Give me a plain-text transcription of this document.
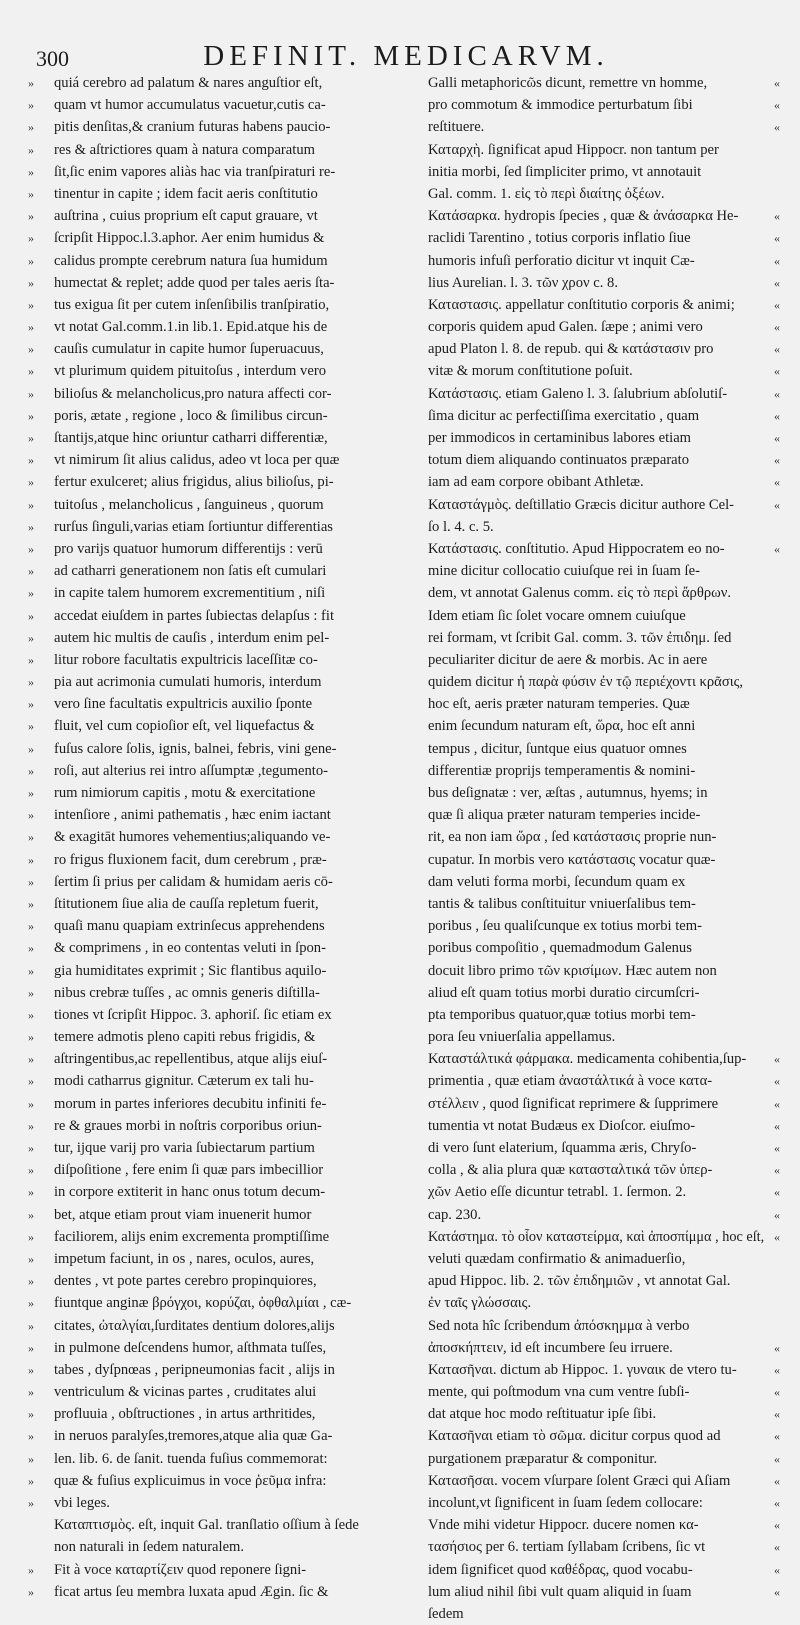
300	DEFINIT. MEDICARVM.
» quiá cerebro ad palatum & nares anguſtior eſt,
» quam vt humor accumulatus vacuetur,cutis ca-
» pitis denſitas,& cranium futuras habens paucio-
» res & aſtrictiores quam à natura comparatum
» ſit,ſic enim vapores aliàs hac via tranſpiraturi re-
» tinentur in capite ; idem facit aeris conſtitutio
» auſtrina , cuius proprium eſt caput grauare, vt
» ſcripſit Hippoc.l.3.aphor. Aer enim humidus &
» calidus prompte cerebrum natura ſua humidum
» humectat & replet; adde quod per tales aeris ſta-
» tus exigua ſit per cutem inſenſibilis tranſpiratio,
» vt notat Gal.comm.1.in lib.1. Epid.atque his de
» cauſis cumulatur in capite humor ſuperuacuus,
» vt plurimum quidem pituitoſus , interdum vero
» bilioſus & melancholicus,pro natura affecti cor-
» poris, ætate , regione , loco & ſimilibus circun-
» ſtantijs,atque hinc oriuntur catharri differentiæ,
» vt nimirum ſit alius calidus, adeo vt loca per quæ
» fertur exulceret; alius frigidus, alius bilioſus, pi-
» tuitoſus , melancholicus , ſanguineus , quorum
» rurſus ſinguli,varias etiam ſortiuntur differentias
» pro varijs quatuor humorum differentijs : verū
» ad catharri generationem non ſatis eſt cumulari
» in capite talem humorem excrementitium , niſi
» accedat eiuſdem in partes ſubiectas delapſus : fit
» autem hic multis de cauſis , interdum enim pel-
» litur robore facultatis expultricis laceſſitæ co-
» pia aut acrimonia cumulati humoris, interdum
» vero ſine facultatis expultricis auxilio ſponte
» fluit, vel cum copioſior eſt, vel liquefactus &
» fuſus calore ſolis, ignis, balnei, febris, vini gene-
» roſi, aut alterius rei intro aſſumptæ ,tegumento-
» rum nimiorum capitis , motu & exercitatione
» intenſiore , animi pathematis , hæc enim iactant
» & exagitāt humores vehementius;aliquando ve-
» ro frigus fluxionem facit, dum cerebrum , præ-
» ſertim ſi prius per calidam & humidam aeris cō-
» ſtitutionem ſiue alia de cauſſa repletum fuerit,
» quaſi manu quapiam extrinſecus apprehendens
» & comprimens , in eo contentas veluti in ſpon-
» gia humiditates exprimit ; Sic flantibus aquilo-
» nibus crebræ tuſſes , ac omnis generis diſtilla-
» tiones vt ſcripſit Hippoc. 3. aphoriſ. ſic etiam ex
» temere admotis pleno capiti rebus frigidis, &
» aſtringentibus,ac repellentibus, atque alijs eiuſ-
» modi catharrus gignitur. Cæterum ex tali hu-
» morum in partes inferiores decubitu infiniti fe-
» re & graues morbi in noſtris corporibus oriun-
» tur, ijque varij pro varia ſubiectarum partium
» diſpoſitione , fere enim ſi quæ pars imbecillior
» in corpore extiterit in hanc onus totum decum-
» bet, atque etiam prout viam inuenerit humor
» faciliorem, alijs enim excrementa promptiſſime
» impetum faciunt, in os , nares, oculos, aures,
» dentes , vt pote partes cerebro propinquiores,
» fiuntque anginæ βρόγχοι, κορύζαι, ὀφθαλμίαι , cæ-
» citates, ὠταλγίαι,ſurditates dentium dolores,alijs
» in pulmone deſcendens humor, aſthmata tuſſes,
» tabes , dyſpnœas , peripneumonias facit , alijs in
» ventriculum & vicinas partes , cruditates alui
» profluuia , obſtructiones , in artus arthritides,
» in neruos paralyſes,tremores,atque alia quæ Ga-
» len. lib. 6. de ſanit. tuenda fuſius commemorat:
» quæ & fuſius explicuimus in voce ῥεῦμα infra:
» vbi leges.
Καταπτισμὸς. eſt, inquit Gal. tranſlatio oſſium à ſede
non naturali in ſedem naturalem.
» Fit à voce καταρτίζειν quod reponere ſigni-
» ficat artus ſeu membra luxata apud Ægin. ſic &
«
Galli metaphoricῶs dicunt, remettre vn homme,
«
pro commotum & immodice perturbatum ſibi
«
reſtituere.
Καταρχὴ. ſignificat apud Hippocr. non tantum per
initia morbi, ſed ſimpliciter primo, vt annotauit
Gal. comm. 1. εἰς τὸ περὶ διαίτης ὀξέων.
«
Κατάσαρκα. hydropis ſpecies , quæ & ἀνάσαρκα He-
«
raclidi Tarentino , totius corporis inflatio ſiue
«
humoris infuſi perforatio dicitur vt inquit Cæ-
«
lius Aurelian. l. 3. τῶν χρον c. 8.
«
Καταστασις. appellatur conſtitutio corporis & animi;
«
corporis quidem apud Galen. ſæpe ; animi vero
«
apud Platon l. 8. de repub. qui & κατάστασιν pro
«
vitæ & morum conſtitutione poſuit.
«
Κατάστασις. etiam Galeno l. 3. ſalubrium abſolutiſ-
«
ſima dicitur ac perfectiſſima exercitatio , quam
«
per immodicos in certaminibus labores etiam
«
totum diem aliquando continuatos præparato
«
iam ad eam corpore obibant Athletæ.
«
Καταστάγμὸς. deſtillatio Græcis dicitur authore Cel-
ſo l. 4. c. 5.
«
Κατάστασις. conſtitutio. Apud Hippocratem eo no-
mine dicitur collocatio cuiuſque rei in ſuam ſe-
dem, vt annotat Galenus comm. εἰς τὸ περὶ ἄρθρων.
Idem etiam ſic ſolet vocare omnem cuiuſque
rei formam, vt ſcribit Gal. comm. 3. τῶν ἐπιδημ. ſed
peculiariter dicitur de aere & morbis. Ac in aere
quidem dicitur ἡ παρὰ φύσιν ἐν τῷ περιέχοντι κρᾶσις,
hoc eſt, aeris præter naturam temperies. Quæ
enim ſecundum naturam eſt, ὥρα, hoc eſt anni
tempus , dicitur, ſuntque eius quatuor omnes
differentiæ proprijs temperamentis & nomini-
bus deſignatæ : ver, æſtas , autumnus, hyems; in
quæ ſi aliqua præter naturam temperies incide-
rit, ea non iam ὥρα , ſed κατάστασις proprie nun-
cupatur. In morbis vero κατάστασις vocatur quæ-
dam veluti forma morbi, ſecundum quam ex
tantis & talibus conſtituitur vniuerſalibus tem-
poribus , ſeu qualiſcunque ex totius morbi tem-
poribus compoſitio , quemadmodum Galenus
docuit libro primo τῶν κρισίμων. Hæc autem non
aliud eſt quam totius morbi duratio circumſcri-
pta temporibus quatuor,quæ totius morbi tem-
pora ſeu vniuerſalia appellamus.
«
Καταστάλτικά φάρμακα. medicamenta cohibentia,ſup-
«
primentia , quæ etiam ἀναστάλτικά à voce κατα-
«
στέλλειν , quod ſignificat reprimere & ſupprimere
«
tumentia vt notat Budæus ex Dioſcor. eiuſmo-
«
di vero ſunt elaterium, ſquamma æris, Chryſo-
«
colla , & alia plura quæ κατασταλτικά τῶν ὑπερ-
«
χῶν Aetio eſſe dicuntur tetrabl. 1. ſermon. 2.
«
cap. 230.
«
Κατάστημα. τὸ οἷον καταστείρμα, καὶ ἀποσπίμμα , hoc eſt,
veluti quædam confirmatio & animaduerſio,
apud Hippoc. lib. 2. τῶν ἐπιδημιῶν , vt annotat Gal.
ἐν ταῖς γλώσσαις.
Sed nota hîc ſcribendum ἀπόσκημμα à verbo
«
ἀποσκήπτειν, id eſt incumbere ſeu irruere.
«
Κατασῆναι. dictum ab Hippoc. 1. γυναικ de vtero tu-
«
mente, qui poſtmodum vna cum ventre ſubſi-
«
dat atque hoc modo reſtituatur ipſe ſibi.
«
Κατασῆναι etiam τὸ σῶμα. dicitur corpus quod ad
«
purgationem præparatur & componitur.
«
Κατασῆσαι. vocem vſurpare ſolent Græci qui Aſiam
«
incolunt,vt ſignificent in ſuam ſedem collocare:
«
Vnde mihi videtur Hippocr. ducere nomen κα-
«
τασήσιος per 6. tertiam ſyllabam ſcribens, ſic vt
«
idem ſignificet quod καθέδρας, quod vocabu-
«
lum aliud nihil ſibi vult quam aliquid in ſuam
ſedem
